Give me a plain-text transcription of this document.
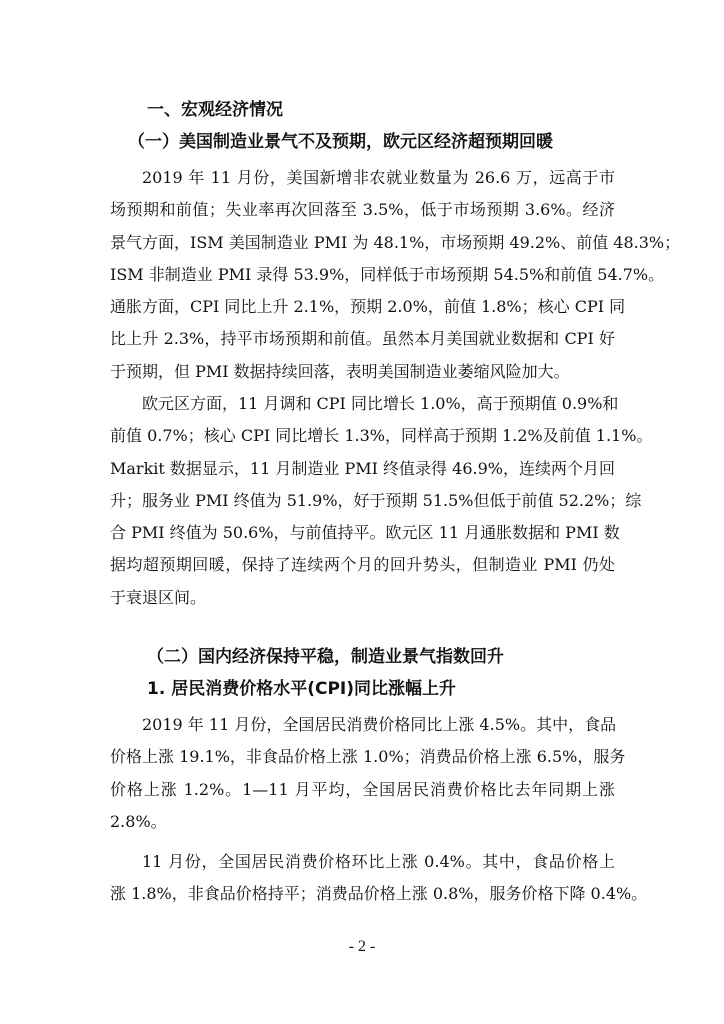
一、宏观经济情况
（一）美国制造业景气不及预期，欧元区经济超预期回暖
2019 年 11 月份，美国新增非农就业数量为 26.6 万，远高于市
场预期和前值；失业率再次回落至 3.5%，低于市场预期 3.6%。经济
景气方面，ISM 美国制造业 PMI 为 48.1%，市场预期 49.2%、前值 48.3%；
ISM 非制造业 PMI 录得 53.9%，同样低于市场预期 54.5%和前值 54.7%。
通胀方面，CPI 同比上升 2.1%，预期 2.0%，前值 1.8%；核心 CPI 同
比上升 2.3%，持平市场预期和前值。虽然本月美国就业数据和 CPI 好
于预期，但 PMI 数据持续回落，表明美国制造业萎缩风险加大。
欧元区方面，11 月调和 CPI 同比增长 1.0%，高于预期值 0.9%和
前值 0.7%；核心 CPI 同比增长 1.3%，同样高于预期 1.2%及前值 1.1%。
Markit 数据显示，11 月制造业 PMI 终值录得 46.9%，连续两个月回
升；服务业 PMI 终值为 51.9%，好于预期 51.5%但低于前值 52.2%；综
合 PMI 终值为 50.6%，与前值持平。欧元区 11 月通胀数据和 PMI 数
据均超预期回暖，保持了连续两个月的回升势头，但制造业 PMI 仍处
于衰退区间。
（二）国内经济保持平稳，制造业景气指数回升
1. 居民消费价格水平(CPI)同比涨幅上升
2019 年 11 月份，全国居民消费价格同比上涨 4.5%。其中，食品
价格上涨 19.1%，非食品价格上涨 1.0%；消费品价格上涨 6.5%，服务
价格上涨 1.2%。1—11 月平均，全国居民消费价格比去年同期上涨
2.8%。
11 月份，全国居民消费价格环比上涨 0.4%。其中，食品价格上
涨 1.8%，非食品价格持平；消费品价格上涨 0.8%，服务价格下降 0.4%。
- 2 -
